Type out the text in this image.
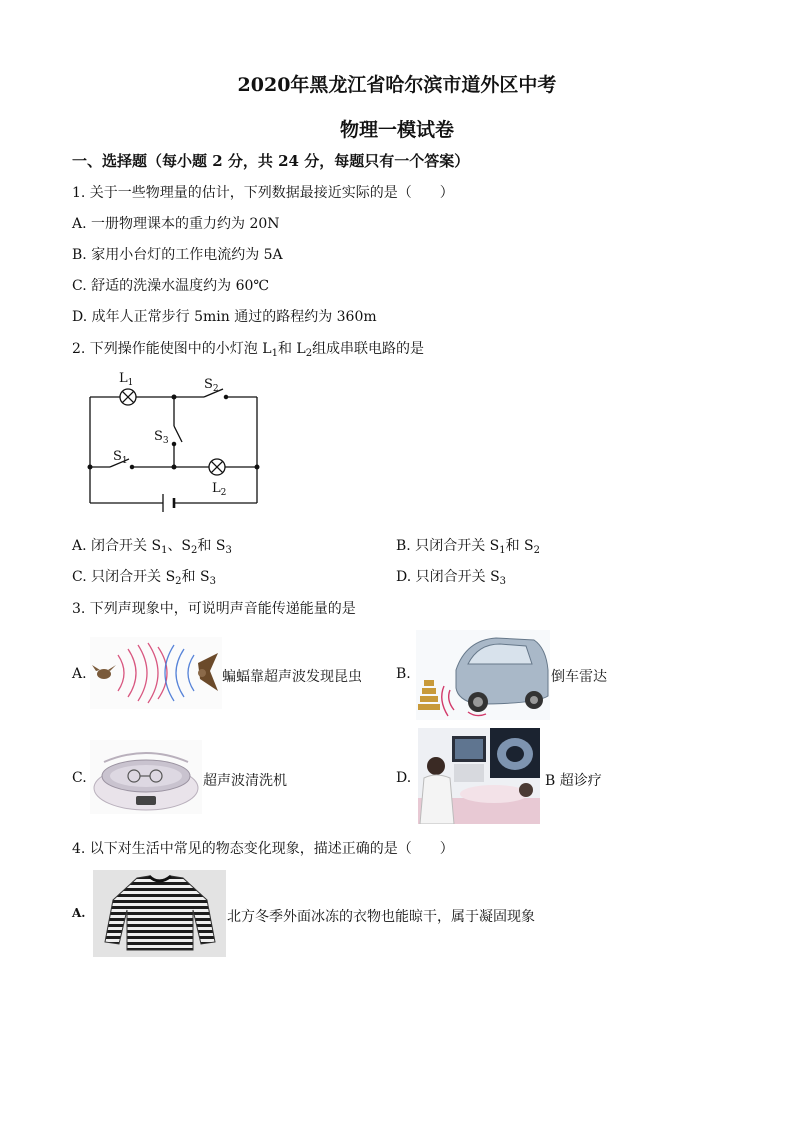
2020年黑龙江省哈尔滨市道外区中考
物理一模试卷
一、选择题（每小题 2 分，共 24 分，每题只有一个答案）
1. 关于一些物理量的估计，下列数据最接近实际的是（　　）
A. 一册物理课本的重力约为 20N
B. 家用小台灯的工作电流约为 5A
C. 舒适的洗澡水温度约为 60℃
D. 成年人正常步行 5min 通过的路程约为 360m
2. 下列操作能使图中的小灯泡 $L_1$和 $L_2$组成串联电路的是
$L_1$	$S_2$
$S_3$
$S_1$
$L_2$
A. 闭合开关 $S_1$、$S_2$和 $S_3$	B. 只闭合开关 $S_1$和 $S_2$
C. 只闭合开关 $S_2$和 $S_3$	D. 只闭合开关 $S_3$
3. 下列声现象中，可说明声音能传递能量的是
A.	蝙蝠靠超声波发现昆虫 B.	倒车雷达
C.	超声波清洗机	D.	B 超诊疗
4. 以下对生活中常见的物态变化现象，描述正确的是（　　）
A.	北方冬季外面冰冻的衣物也能晾干，属于凝固现象
